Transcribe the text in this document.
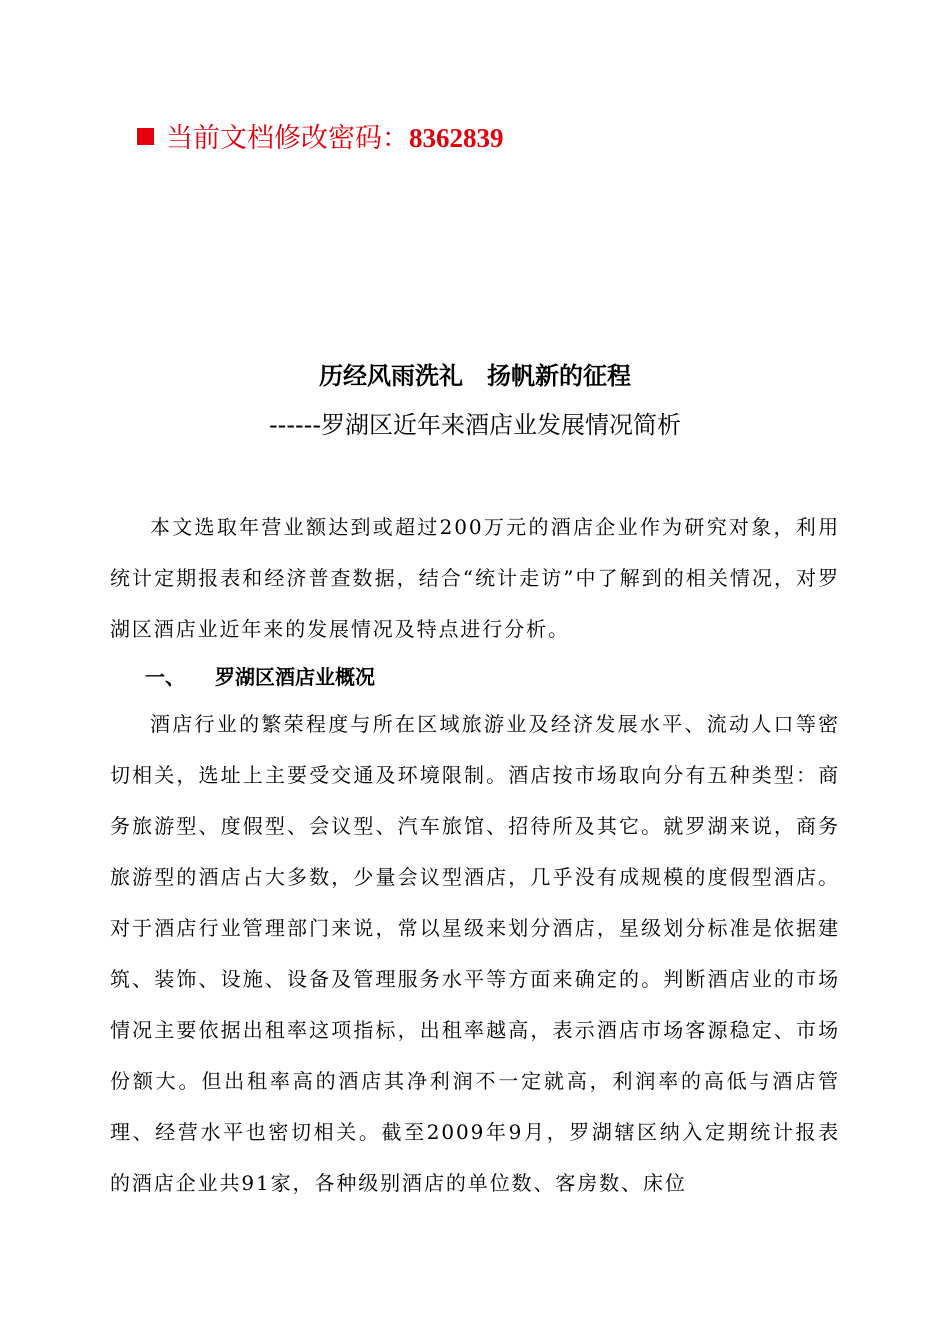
当前文档修改密码：8362839
历经风雨洗礼　扬帆新的征程
------罗湖区近年来酒店业发展情况简析
本文选取年营业额达到或超过200万元的酒店企业作为研究对象，利用统计定期报表和经济普查数据，结合“统计走访”中了解到的相关情况，对罗湖区酒店业近年来的发展情况及特点进行分析。
一、 罗湖区酒店业概况
酒店行业的繁荣程度与所在区域旅游业及经济发展水平、流动人口等密切相关，选址上主要受交通及环境限制。酒店按市场取向分有五种类型：商务旅游型、度假型、会议型、汽车旅馆、招待所及其它。就罗湖来说，商务旅游型的酒店占大多数，少量会议型酒店，几乎没有成规模的度假型酒店。对于酒店行业管理部门来说，常以星级来划分酒店，星级划分标准是依据建筑、装饰、设施、设备及管理服务水平等方面来确定的。判断酒店业的市场情况主要依据出租率这项指标，出租率越高，表示酒店市场客源稳定、市场份额大。但出租率高的酒店其净利润不一定就高，利润率的高低与酒店管理、经营水平也密切相关。截至2009年9月，罗湖辖区纳入定期统计报表的酒店企业共91家，各种级别酒店的单位数、客房数、床位
